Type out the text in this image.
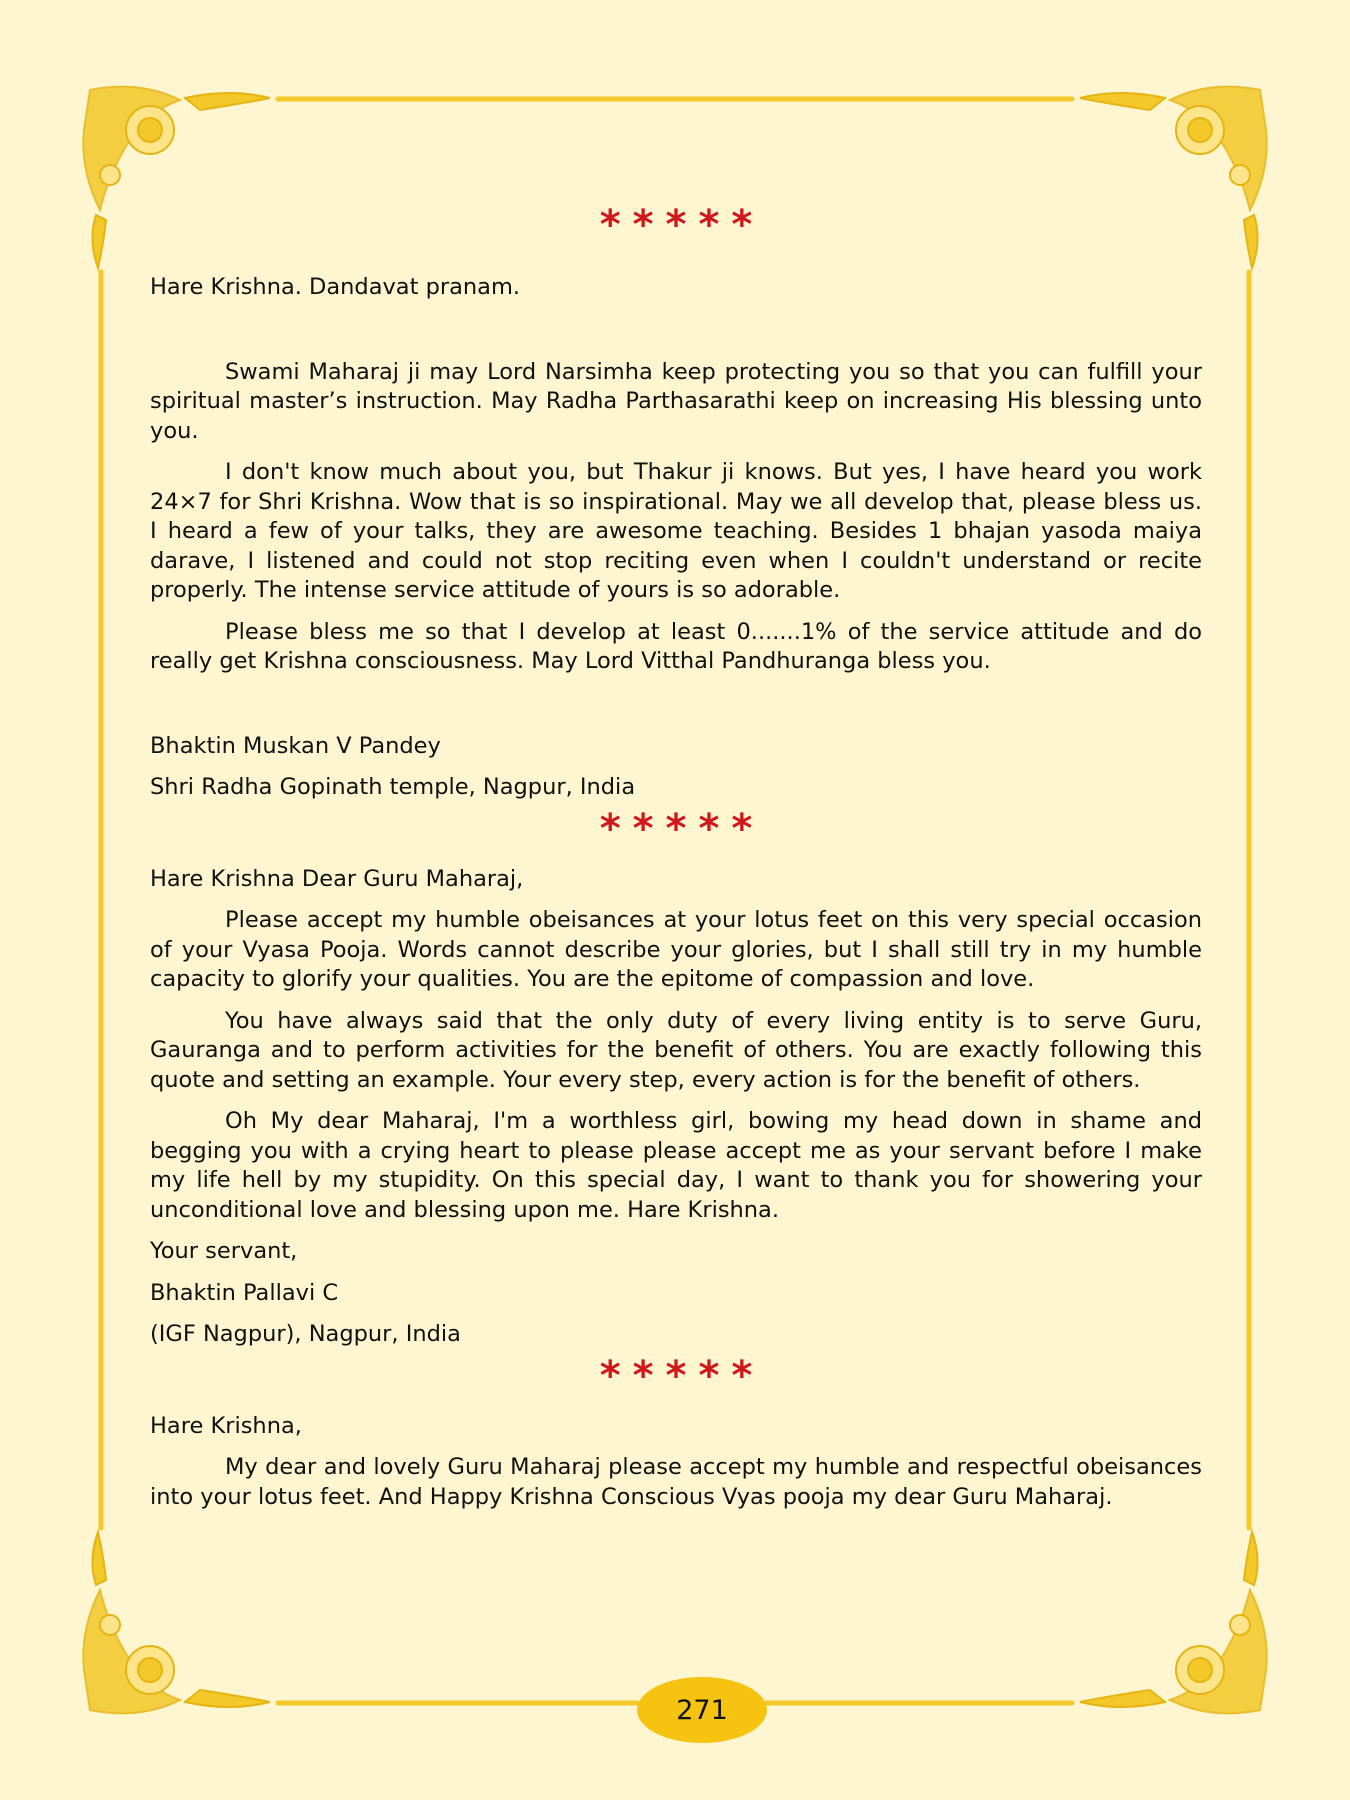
*****

Hare Krishna. Dandavat pranam.

Swami Maharaj ji may Lord Narsimha keep protecting you so that you can fulfill your spiritual master’s instruction. May Radha Parthasarathi keep on increasing His blessing unto you.

I don't know much about you, but Thakur ji knows. But yes, I have heard you work 24×7 for Shri Krishna. Wow that is so inspirational. May we all develop that, please bless us. I heard a few of your talks, they are awesome teaching. Besides 1 bhajan yasoda maiya darave, I listened and could not stop reciting even when I couldn't understand or recite properly. The intense service attitude of yours is so adorable.

Please bless me so that I develop at least 0.......1% of the service attitude and do really get Krishna consciousness. May Lord Vitthal Pandhuranga bless you.

Bhaktin Muskan V Pandey

Shri Radha Gopinath temple, Nagpur, India

*****

Hare Krishna Dear Guru Maharaj,

Please accept my humble obeisances at your lotus feet on this very special occasion of your Vyasa Pooja. Words cannot describe your glories, but I shall still try in my humble capacity to glorify your qualities. You are the epitome of compassion and love.

You have always said that the only duty of every living entity is to serve Guru, Gauranga and to perform activities for the benefit of others. You are exactly following this quote and setting an example. Your every step, every action is for the benefit of others.

Oh My dear Maharaj, I'm a worthless girl, bowing my head down in shame and begging you with a crying heart to please please accept me as your servant before I make my life hell by my stupidity. On this special day, I want to thank you for showering your unconditional love and blessing upon me. Hare Krishna.

Your servant,

Bhaktin Pallavi C

(IGF Nagpur), Nagpur, India

*****

Hare Krishna,

My dear and lovely Guru Maharaj please accept my humble and respectful obeisances into your lotus feet. And Happy Krishna Conscious Vyas pooja my dear Guru Maharaj.

271
